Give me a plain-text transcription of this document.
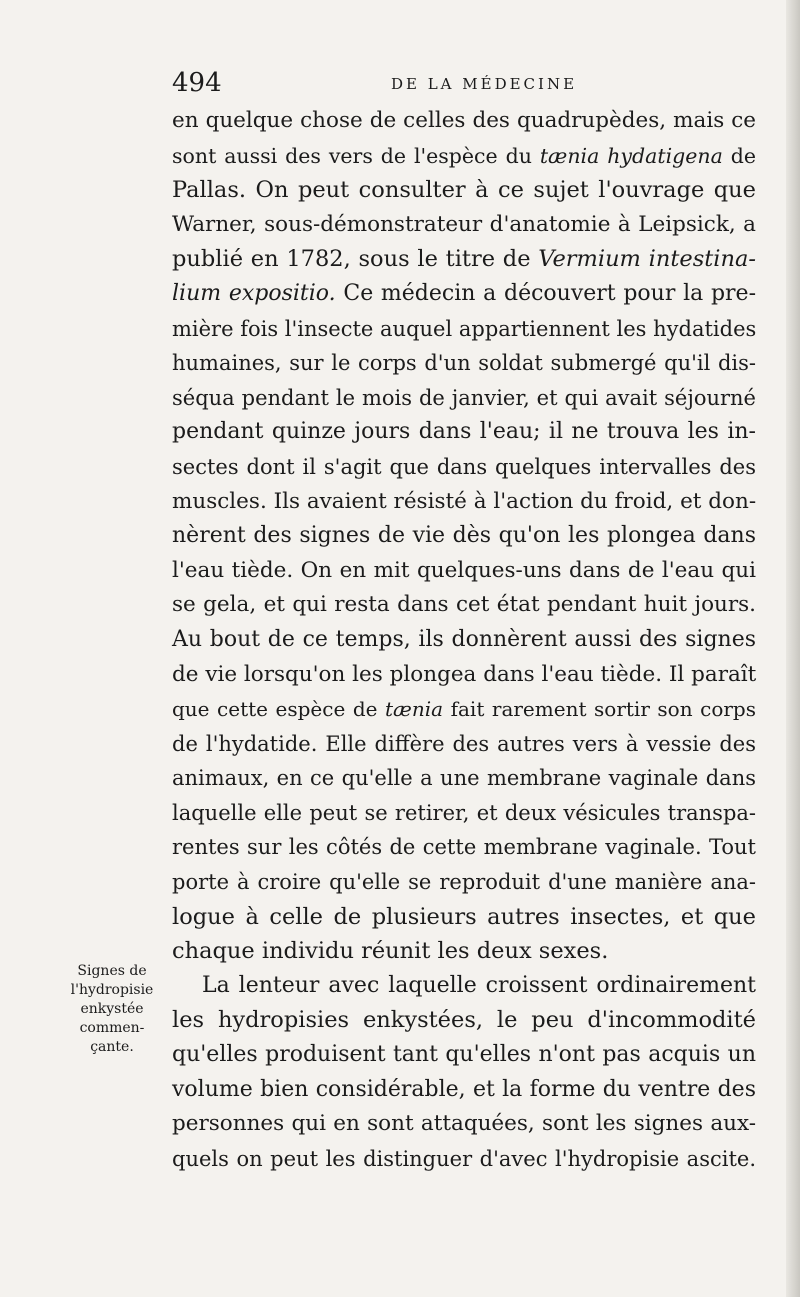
494	DE LA MÉDECINE
en quelque chose de celles des quadrupèdes, mais ce
sont aussi des vers de l'espèce du tænia hydatigena de
Pallas. On peut consulter à ce sujet l'ouvrage que
Warner, sous-démonstrateur d'anatomie à Leipsick, a
publié en 1782, sous le titre de Vermium intestina-
lium expositio. Ce médecin a découvert pour la pre-
mière fois l'insecte auquel appartiennent les hydatides
humaines, sur le corps d'un soldat submergé qu'il dis-
séqua pendant le mois de janvier, et qui avait séjourné
pendant quinze jours dans l'eau; il ne trouva les in-
sectes dont il s'agit que dans quelques intervalles des
muscles. Ils avaient résisté à l'action du froid, et don-
nèrent des signes de vie dès qu'on les plongea dans
l'eau tiède. On en mit quelques-uns dans de l'eau qui
se gela, et qui resta dans cet état pendant huit jours.
Au bout de ce temps, ils donnèrent aussi des signes
de vie lorsqu'on les plongea dans l'eau tiède. Il paraît
que cette espèce de tænia fait rarement sortir son corps
de l'hydatide. Elle diffère des autres vers à vessie des
animaux, en ce qu'elle a une membrane vaginale dans
laquelle elle peut se retirer, et deux vésicules transpa-
rentes sur les côtés de cette membrane vaginale. Tout
porte à croire qu'elle se reproduit d'une manière ana-
logue à celle de plusieurs autres insectes, et que
chaque individu réunit les deux sexes.
La lenteur avec laquelle croissent ordinairement
les hydropisies enkystées, le peu d'incommodité
qu'elles produisent tant qu'elles n'ont pas acquis un
volume bien considérable, et la forme du ventre des
personnes qui en sont attaquées, sont les signes aux-
quels on peut les distinguer d'avec l'hydropisie ascite.
Signes de
l'hydropisie
enkystée
commen-
çante.
